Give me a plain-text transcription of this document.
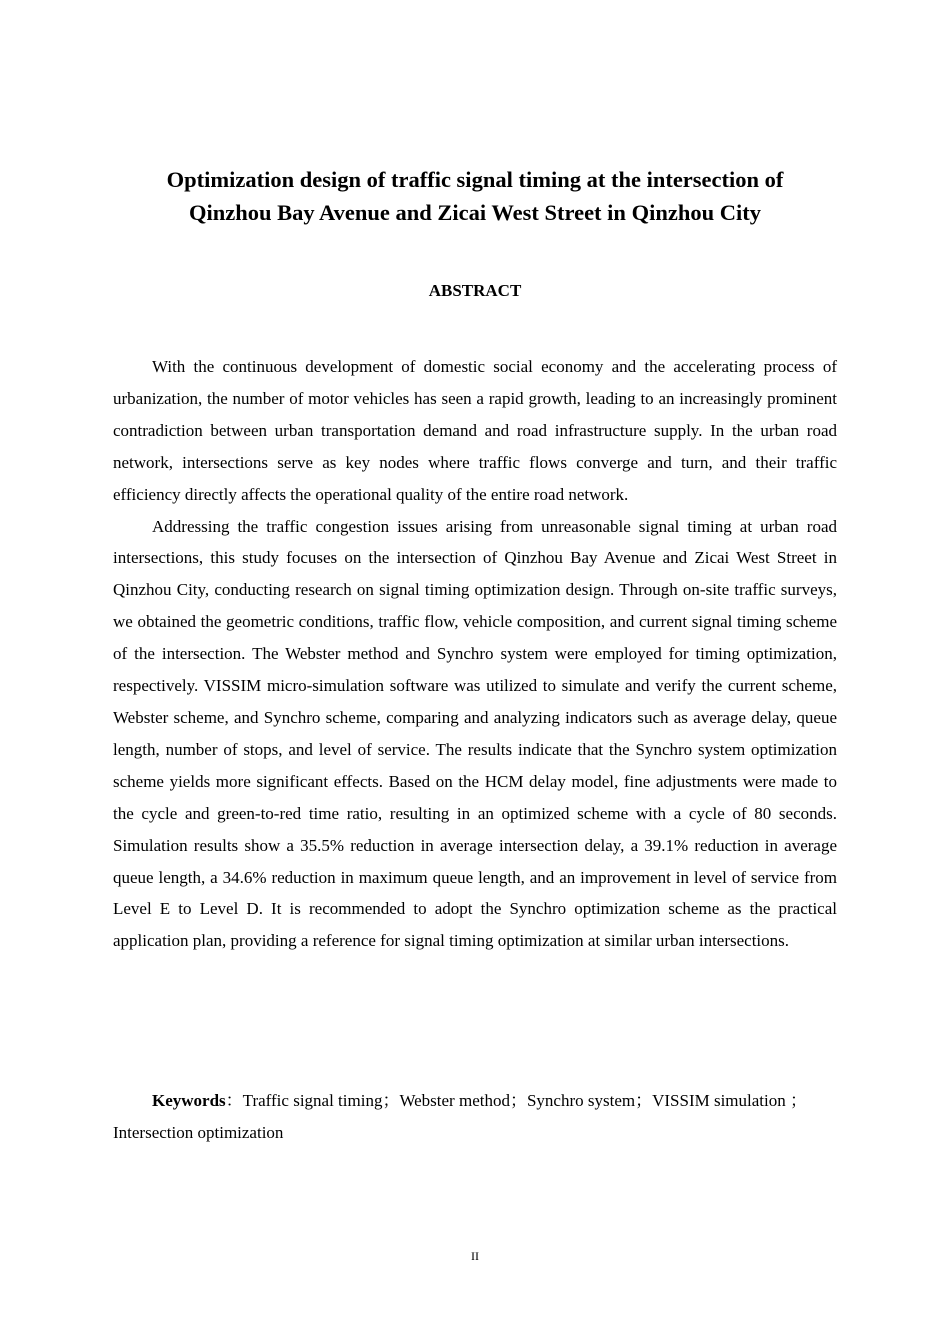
Optimization design of traffic signal timing at the intersection of
Qinzhou Bay Avenue and Zicai West Street in Qinzhou City
ABSTRACT

With the continuous development of domestic social economy and the accelerating process of urbanization, the number of motor vehicles has seen a rapid growth, leading to an increasingly prominent contradiction between urban transportation demand and road infrastructure supply. In the urban road network, intersections serve as key nodes where traffic flows converge and turn, and their traffic efficiency directly affects the operational quality of the entire road network.

Addressing the traffic congestion issues arising from unreasonable signal timing at urban road intersections, this study focuses on the intersection of Qinzhou Bay Avenue and Zicai West Street in Qinzhou City, conducting research on signal timing optimization design. Through on-site traffic surveys, we obtained the geometric conditions, traffic flow, vehicle composition, and current signal timing scheme of the intersection. The Webster method and Synchro system were employed for timing optimization, respectively. VISSIM micro-simulation software was utilized to simulate and verify the current scheme, Webster scheme, and Synchro scheme, comparing and analyzing indicators such as average delay, queue length, number of stops, and level of service. The results indicate that the Synchro system optimization scheme yields more significant effects. Based on the HCM delay model, fine adjustments were made to the cycle and green-to-red time ratio, resulting in an optimized scheme with a cycle of 80 seconds. Simulation results show a 35.5% reduction in average intersection delay, a 39.1% reduction in average queue length, a 34.6% reduction in maximum queue length, and an improvement in level of service from Level E to Level D. It is recommended to adopt the Synchro optimization scheme as the practical application plan, providing a reference for signal timing optimization at similar urban intersections.

Keywords：Traffic signal timing；Webster method；Synchro system；VISSIM simulation ；Intersection optimization

II
